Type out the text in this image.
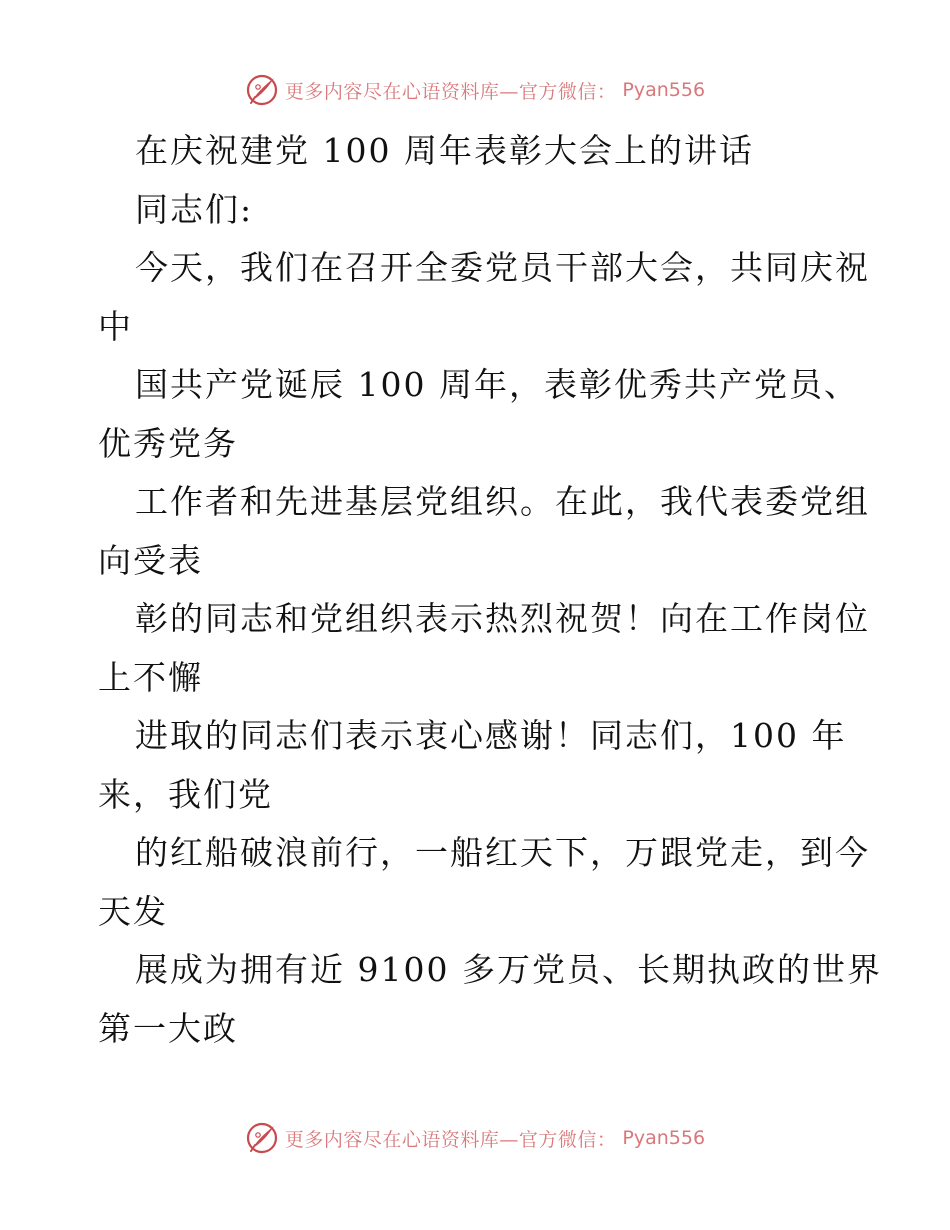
更多内容尽在心语资料库—官方微信： Pyan556
在庆祝建党 100 周年表彰大会上的讲话
同志们:
今天，我们在召开全委党员干部大会，共同庆祝
中
国共产党诞辰 100 周年，表彰优秀共产党员、
优秀党务
工作者和先进基层党组织。在此，我代表委党组
向受表
彰的同志和党组织表示热烈祝贺！向在工作岗位
上不懈
进取的同志们表示衷心感谢！同志们，100 年
来，我们党
的红船破浪前行，一船红天下，万跟党走，到今
天发
展成为拥有近 9100 多万党员、长期执政的世界
第一大政
更多内容尽在心语资料库—官方微信： Pyan556
